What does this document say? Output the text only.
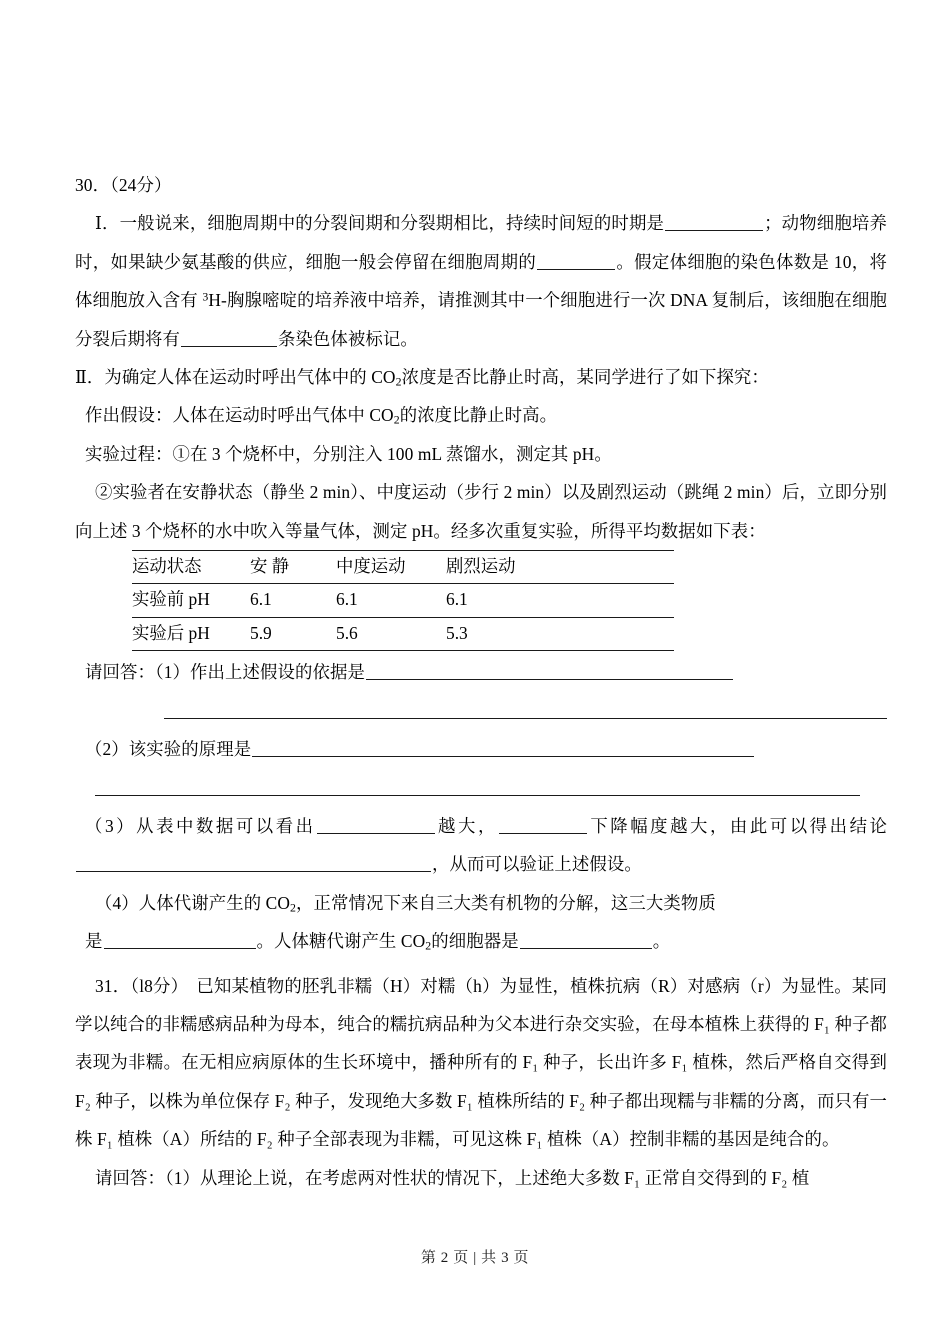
30．（24分）

Ⅰ．一般说来，细胞周期中的分裂间期和分裂期相比，持续时间短的时期是	；动物细胞培养时，如果缺少氨基酸的供应，细胞一般会停留在细胞周期的	。假定体细胞的染色体数是 10，将体细胞放入含有 $^3$H-胸腺嘧啶的培养液中培养，请推测其中一个细胞进行一次 DNA 复制后，该细胞在细胞分裂后期将有	条染色体被标记。

Ⅱ．为确定人体在运动时呼出气体中的 $CO_2$浓度是否比静止时高，某同学进行了如下探究：

作出假设：人体在运动时呼出气体中 $CO_2$的浓度比静止时高。

实验过程：①在 3 个烧杯中，分别注入 100 mL 蒸馏水，测定其 pH。

②实验者在安静状态（静坐 2 min）、中度运动（步行 2 min）以及剧烈运动（跳绳 2 min）后，立即分别向上述 3 个烧杯的水中吹入等量气体，测定 pH。经多次重复实验，所得平均数据如下表：

运动状态	安 静	中度运动	剧烈运动
实验前 pH	6.1	6.1	6.1
实验后 pH	5.9	5.6	5.3

请回答：（1）作出上述假设的依据是

（2）该实验的原理是

（3）从表中数据可以看出	越大，	下降幅度越大，由此可以得出结论，从而可以验证上述假设。

（4）人体代谢产生的 $CO_2$，正常情况下来自三大类有机物的分解，这三大类物质

是	。人体糖代谢产生 $CO_2$的细胞器是	。

31．（l8分） 已知某植物的胚乳非糯（H）对糯（h）为显性，植株抗病（R）对感病（r）为显性。某同学以纯合的非糯感病品种为母本，纯合的糯抗病品种为父本进行杂交实验，在母本植株上获得的 F₁ 种子都表现为非糯。在无相应病原体的生长环境中，播种所有的 F₁ 种子，长出许多 F₁ 植株，然后严格自交得到 F₂ 种子，以株为单位保存 F₂ 种子，发现绝大多数 F₁ 植株所结的 F₂ 种子都出现糯与非糯的分离，而只有一株 F₁ 植株（A）所结的 F₂ 种子全部表现为非糯，可见这株 F₁ 植株（A）控制非糯的基因是纯合的。

请回答：（1）从理论上说，在考虑两对性状的情况下，上述绝大多数 F₁ 正常自交得到的 F₂ 植

第 2 页 | 共 3 页
